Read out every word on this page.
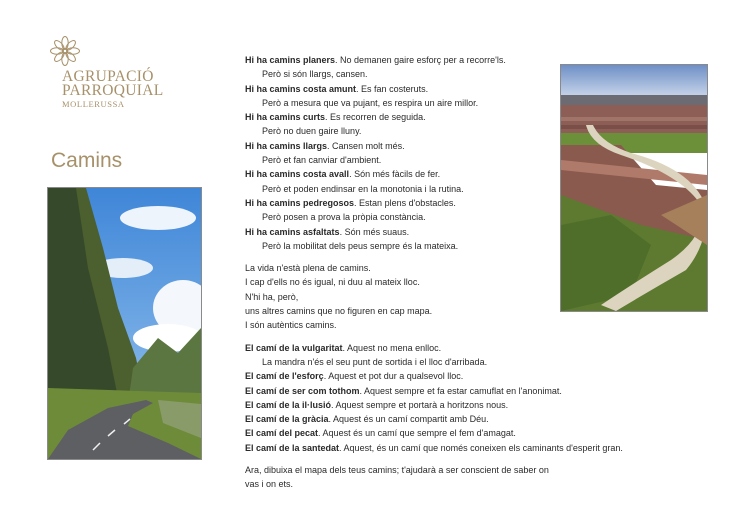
AGRUPACIÓ
PARROQUIAL
MOLLERUSSA
Camins
Hi ha camins planers. No demanen gaire esforç per a recorre'ls.
Però si són llargs, cansen.
Hi ha camins costa amunt. Es fan costeruts.
Però a mesura que va pujant, es respira un aire millor.
Hi ha camins curts. Es recorren de seguida.
Però no duen gaire lluny.
Hi ha camins llargs. Cansen molt més.
Però et fan canviar d'ambient.
Hi ha camins costa avall. Són més fàcils de fer.
Però et poden endinsar en la monotonia i la rutina.
Hi ha camins pedregosos. Estan plens d'obstacles.
Però posen a prova la pròpia constància.
Hi ha camins asfaltats. Són més suaus.
Però la mobilitat dels peus sempre és la mateixa.
La vida n'està plena de camins.
I cap d'ells no és igual, ni duu al mateix lloc.
N'hi ha, però,
uns altres camins que no figuren en cap mapa.
I són autèntics camins.
El camí de la vulgaritat. Aquest no mena enlloc.
La mandra n'és el seu punt de sortida i el lloc d'arribada.
El camí de l'esforç. Aquest et pot dur a qualsevol lloc.
El camí de ser com tothom. Aquest sempre et fa estar camuflat en l'anonimat.
El camí de la il·lusió. Aquest sempre et portarà a horitzons nous.
El camí de la gràcia. Aquest és un camí compartit amb Déu.
El camí del pecat. Aquest és un camí que sempre el fem d'amagat.
El camí de la santedat. Aquest, és un camí que només coneixen els caminants d'esperit gran.
Ara, dibuixa el mapa dels teus camins; t'ajudarà a ser conscient de saber on vas i on ets.
